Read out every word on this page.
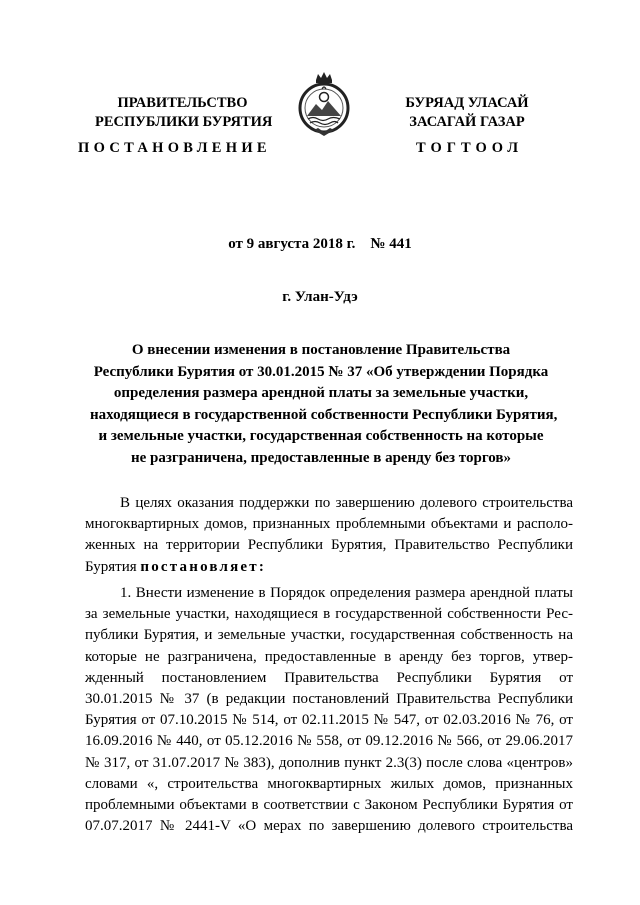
ПРАВИТЕЛЬСТВО
РЕСПУБЛИКИ БУРЯТИЯ
БУРЯАД УЛАСАЙ
ЗАСАГАЙ ГАЗАР
ПОСТАНОВЛЕНИЕ	ТОГТООЛ
от 9 августа 2018 г.    № 441
г. Улан-Удэ
О внесении изменения в постановление Правительства
Республики Бурятия от 30.01.2015 № 37 «Об утверждении Порядка
определения размера арендной платы за земельные участки,
находящиеся в государственной собственности Республики Бурятия,
и земельные участки, государственная собственность на которые
не разграничена, предоставленные в аренду без торгов»
В целях оказания поддержки по завершению долевого строительства
многоквартирных домов, признанных проблемными объектами и располо-
женных на территории Республики Бурятия, Правительство Республики
Бурятия постановляет:
1. Внести изменение в Порядок определения размера арендной платы
за земельные участки, находящиеся в государственной собственности Рес-
публики Бурятия, и земельные участки, государственная собственность на
которые не разграничена, предоставленные в аренду без торгов, утвер-
жденный постановлением Правительства Республики Бурятия от
30.01.2015 № 37 (в редакции постановлений Правительства Республики
Бурятия от 07.10.2015 № 514, от 02.11.2015 № 547, от 02.03.2016 № 76, от
16.09.2016 № 440, от 05.12.2016 № 558, от 09.12.2016 № 566, от 29.06.2017
№ 317, от 31.07.2017 № 383), дополнив пункт 2.3(3) после слова «центров»
словами «, строительства многоквартирных жилых домов, признанных
проблемными объектами в соответствии с Законом Республики Бурятия от
07.07.2017 № 2441-V «О мерах по завершению долевого строительства
